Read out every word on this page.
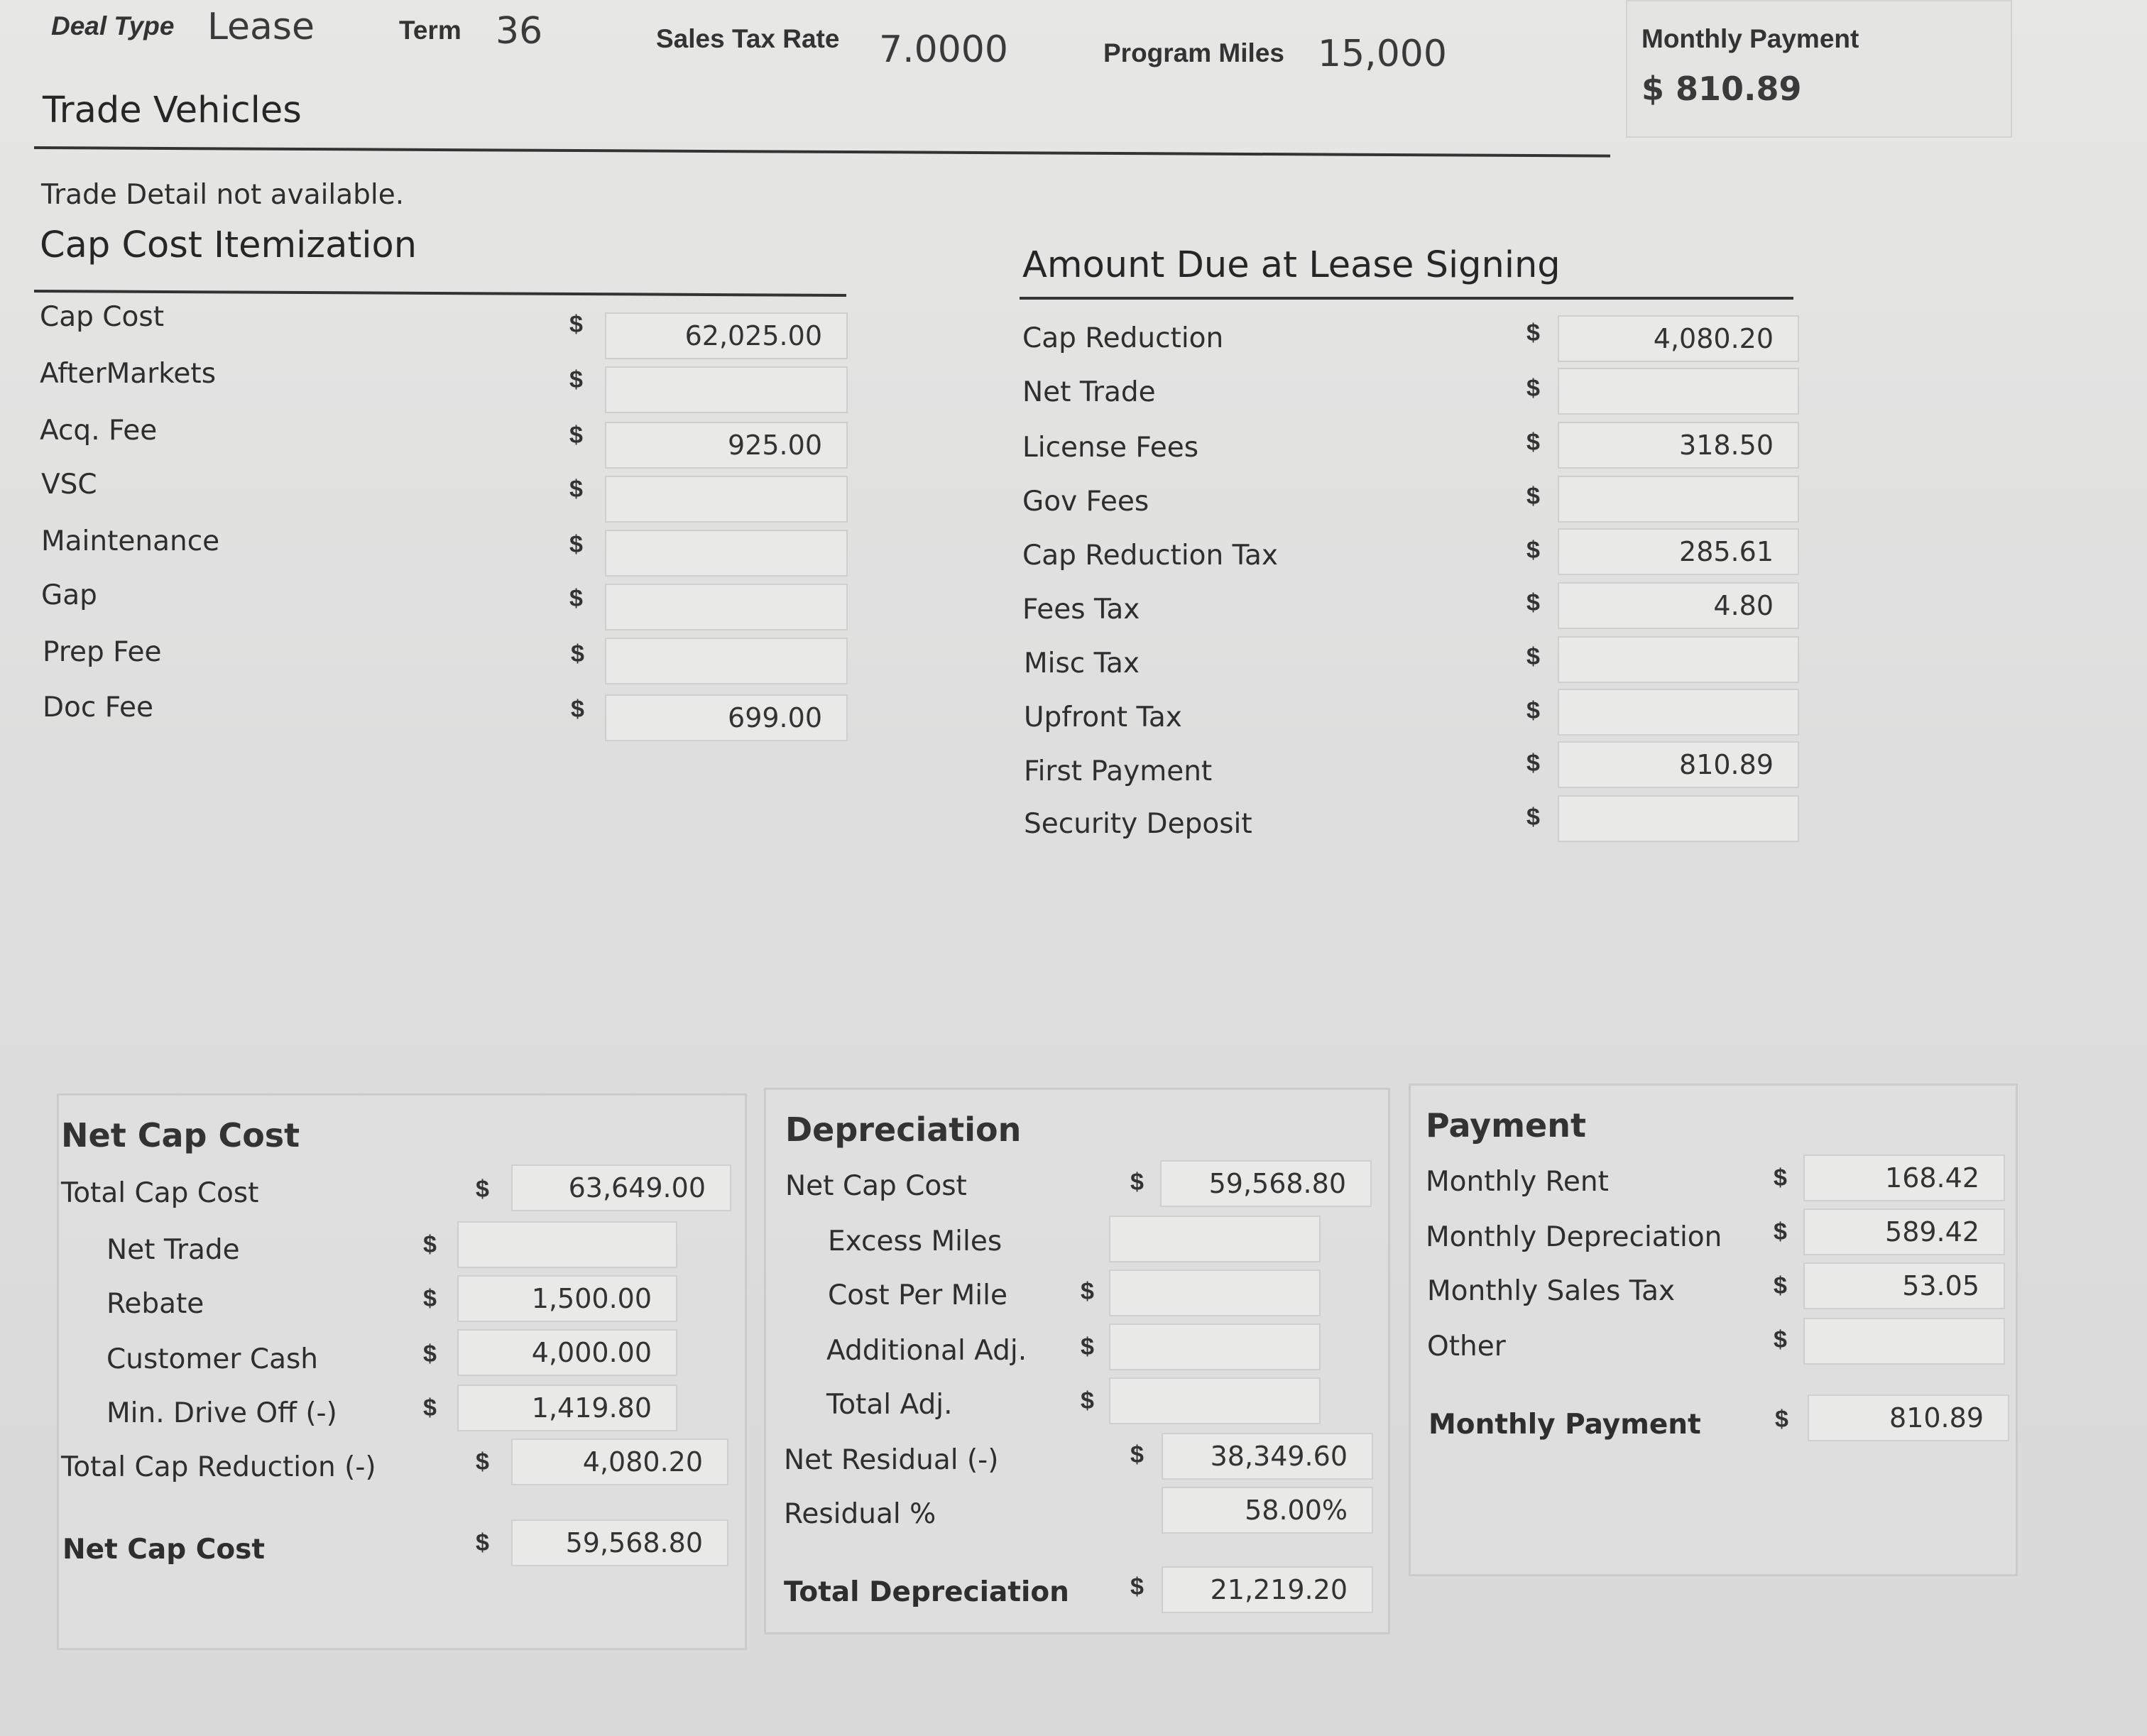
Deal Type Lease	Term 36	Sales Tax Rate 7.0000	Program Miles 15,000	Monthly Payment
$ 810.89
Trade Vehicles
Trade Detail not available.
Cap Cost Itemization
Cap Cost	$	62,025.00
AfterMarkets	$
Acq. Fee	$	925.00
VSC	$
Maintenance	$
Gap	$
Prep Fee	$
Doc Fee	$	699.00
Amount Due at Lease Signing
Cap Reduction	$	4,080.20
Net Trade	$
License Fees	$	318.50
Gov Fees	$
Cap Reduction Tax	$	285.61
Fees Tax	$	4.80
Misc Tax	$
Upfront Tax	$
First Payment	$	810.89
Security Deposit	$
Net Cap Cost
Total Cap Cost	$	63,649.00
Net Trade	$
Rebate	$	1,500.00
Customer Cash	$	4,000.00
Min. Drive Off (-)	$	1,419.80
Total Cap Reduction (-)	$	4,080.20
Net Cap Cost	$	59,568.80
Depreciation
Net Cap Cost	$	59,568.80
Excess Miles
Cost Per Mile	$
Additional Adj. $
Total Adj.	$
Net Residual (-)	$	38,349.60
Residual %	58.00%
Total Depreciation	$	21,219.20
Payment
Monthly Rent	$	168.42
Monthly Depreciation $	589.42
Monthly Sales Tax	$	53.05
Other	$
Monthly Payment	$	810.89
